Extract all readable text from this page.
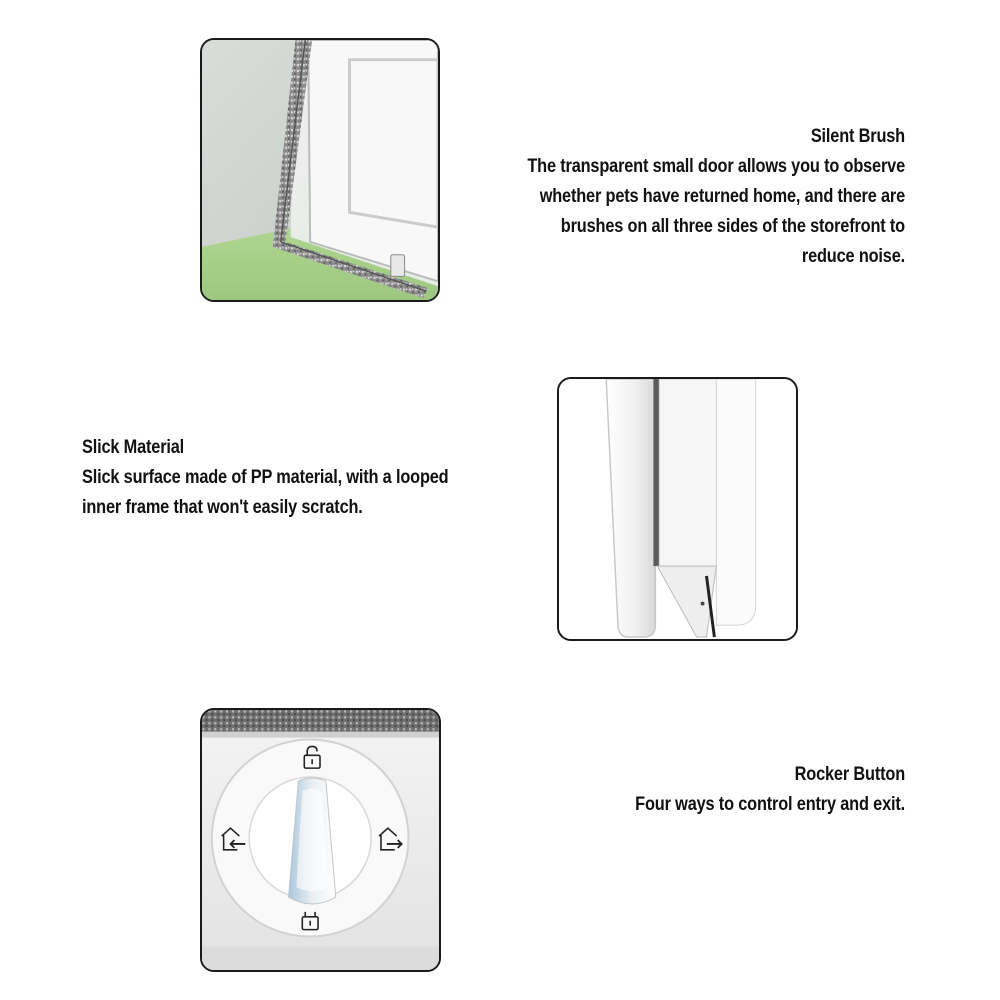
Silent Brush
The transparent small door allows you to observe
whether pets have returned home, and there are
brushes on all three sides of the storefront to
reduce noise.
Slick Material
Slick surface made of PP material, with a looped
inner frame that won't easily scratch.
Rocker Button
Four ways to control entry and exit.
